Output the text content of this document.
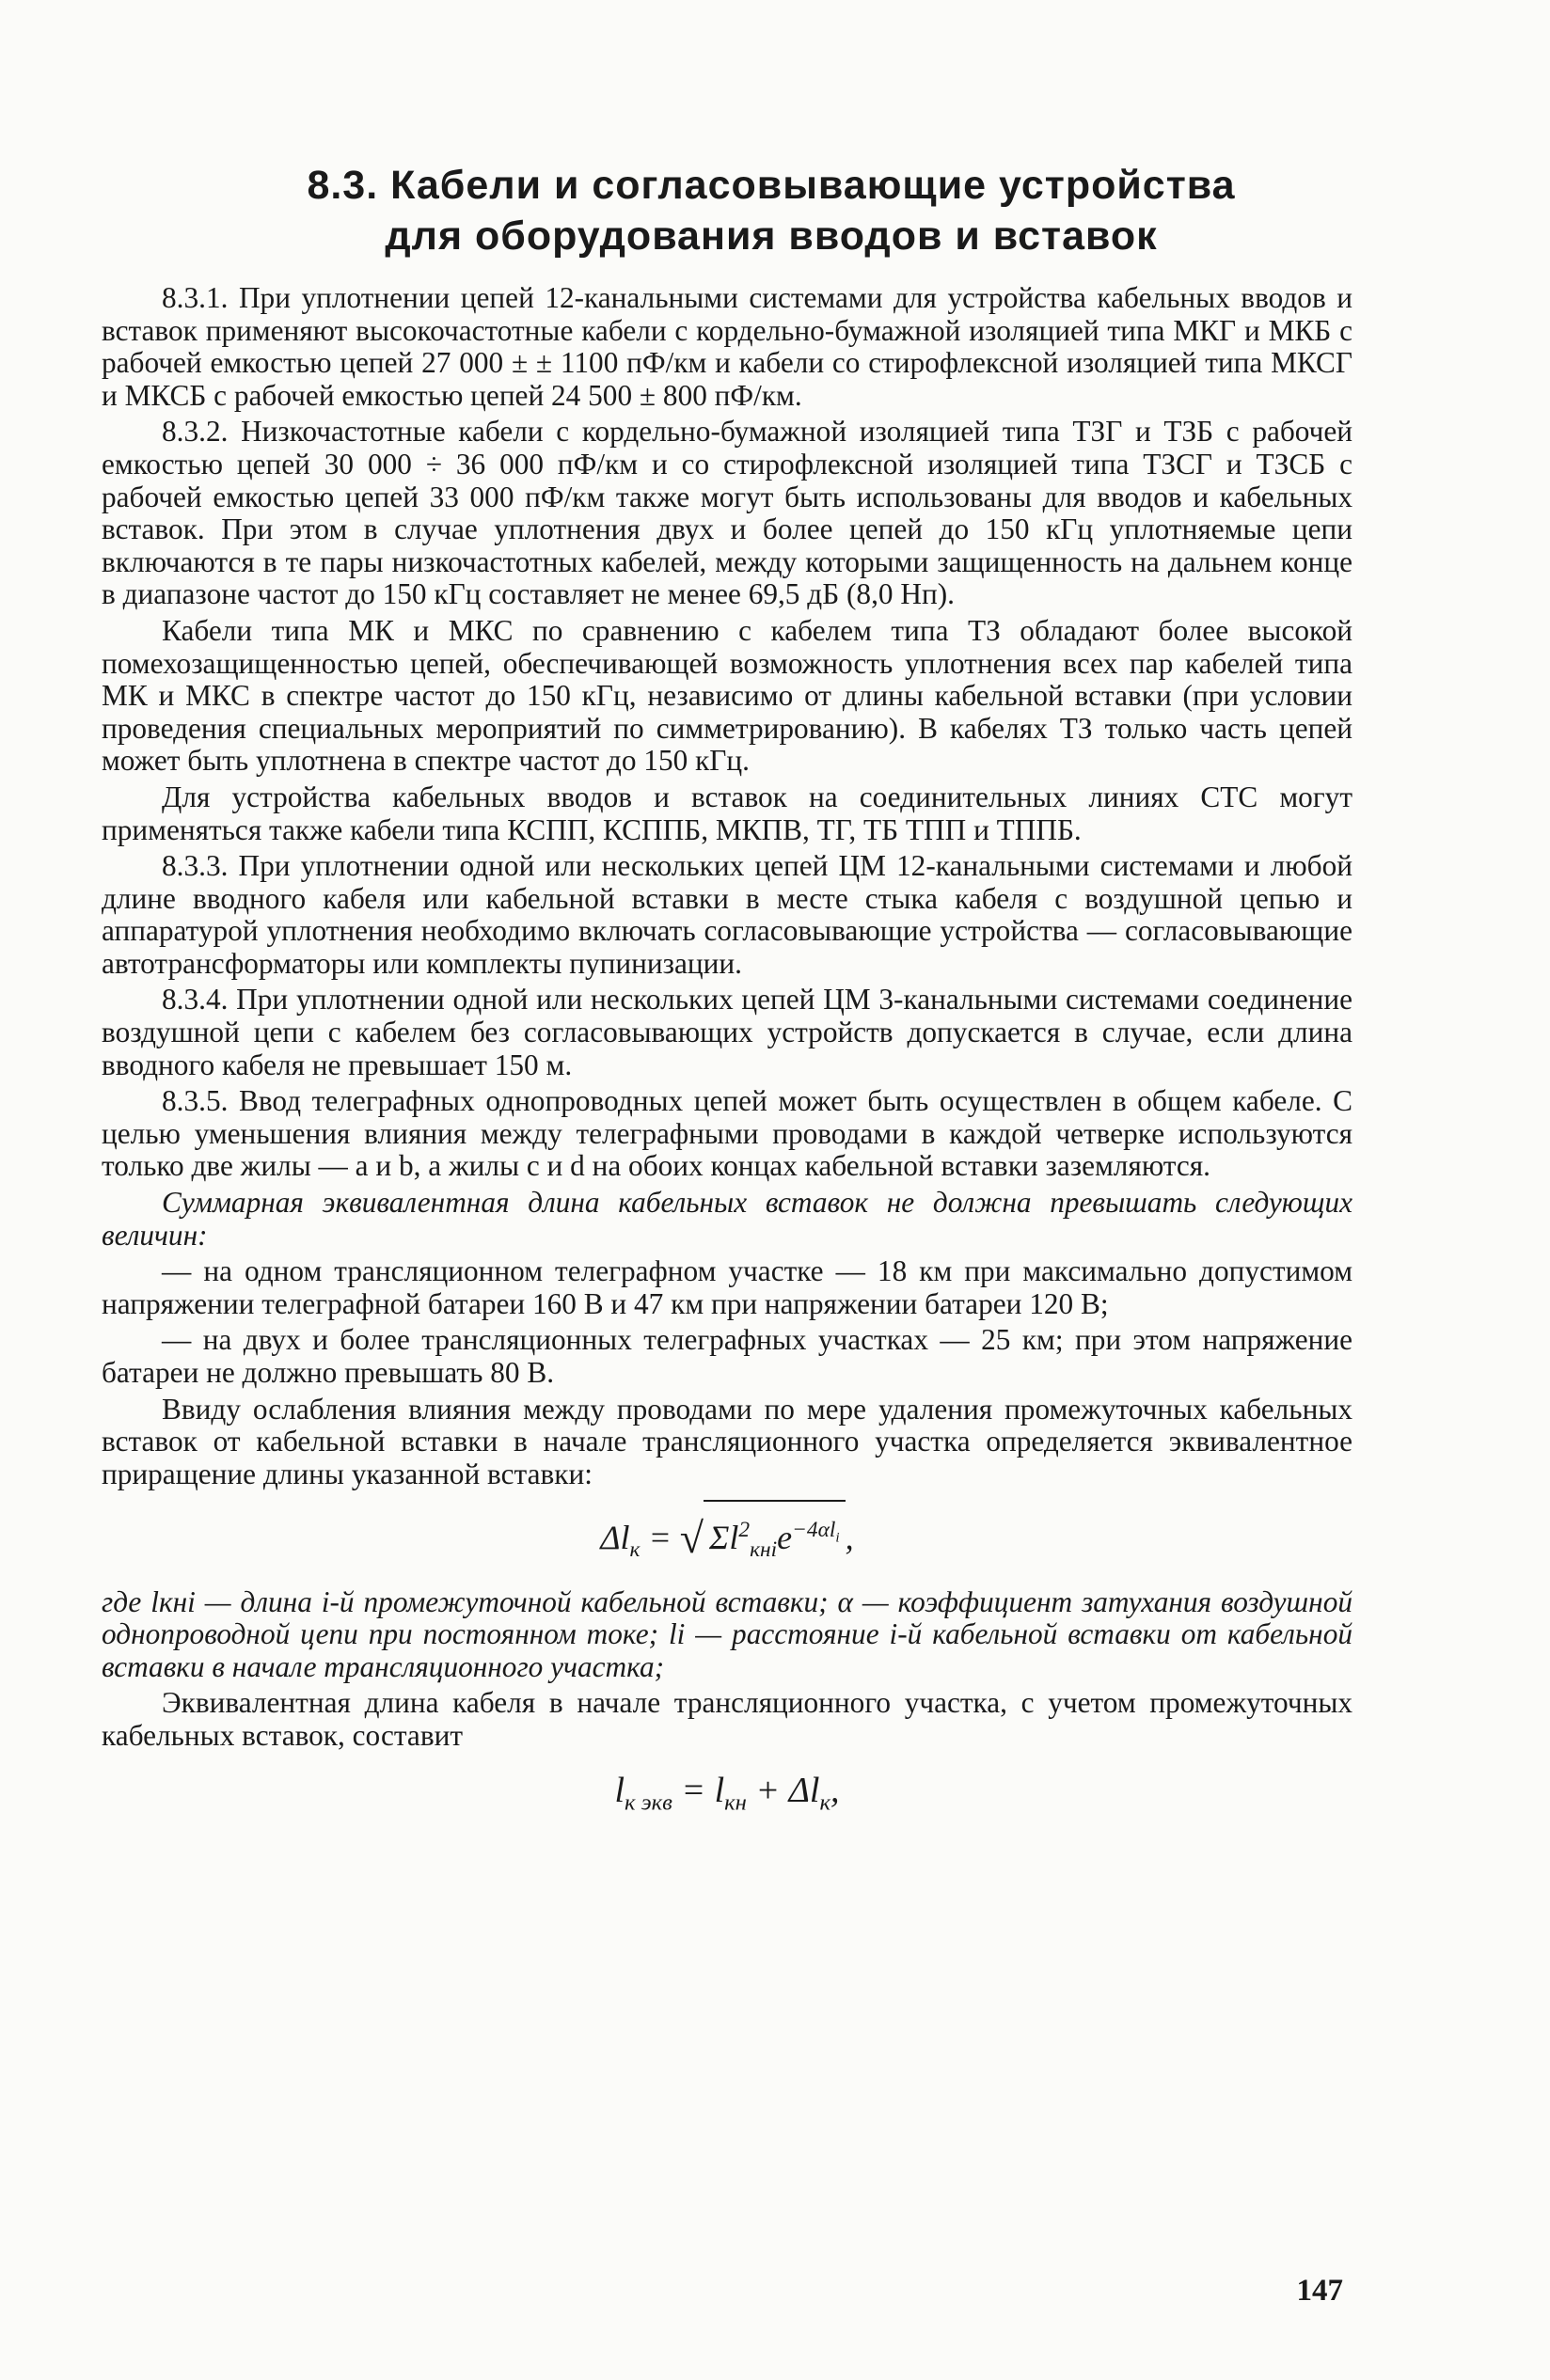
8.3. Кабели и согласовывающие устройства
для оборудования вводов и вставок

8.3.1. При уплотнении цепей 12-канальными системами для устройства кабельных вводов и вставок применяют высокочастотные кабели с кордельно-бумажной изоляцией типа МКГ и МКБ с рабочей емкостью цепей 27 000 ± ± 1100 пФ/км и кабели со стирофлексной изоляцией типа МКСГ и МКСБ с рабочей емкостью цепей 24 500 ± 800 пФ/км.

8.3.2. Низкочастотные кабели с кордельно-бумажной изоляцией типа ТЗГ и ТЗБ с рабочей емкостью цепей 30 000 ÷ 36 000 пФ/км и со стирофлексной изоляцией типа ТЗСГ и ТЗСБ с рабочей емкостью цепей 33 000 пФ/км также могут быть использованы для вводов и кабельных вставок. При этом в случае уплотнения двух и более цепей до 150 кГц уплотняемые цепи включаются в те пары низкочастотных кабелей, между которыми защищенность на дальнем конце в диапазоне частот до 150 кГц составляет не менее 69,5 дБ (8,0 Нп).

Кабели типа МК и МКС по сравнению с кабелем типа ТЗ обладают более высокой помехозащищенностью цепей, обеспечивающей возможность уплотнения всех пар кабелей типа МК и МКС в спектре частот до 150 кГц, независимо от длины кабельной вставки (при условии проведения специальных мероприятий по симметрированию). В кабелях ТЗ только часть цепей может быть уплотнена в спектре частот до 150 кГц.

Для устройства кабельных вводов и вставок на соединительных линиях СТС могут применяться также кабели типа КСПП, КСППБ, МКПВ, ТГ, ТБ ТПП и ТППБ.

8.3.3. При уплотнении одной или нескольких цепей ЦМ 12-канальными системами и любой длине вводного кабеля или кабельной вставки в месте стыка кабеля с воздушной цепью и аппаратурой уплотнения необходимо включать согласовывающие устройства — согласовывающие автотрансформаторы или комплекты пупинизации.

8.3.4. При уплотнении одной или нескольких цепей ЦМ 3-канальными системами соединение воздушной цепи с кабелем без согласовывающих устройств допускается в случае, если длина вводного кабеля не превышает 150 м.

8.3.5. Ввод телеграфных однопроводных цепей может быть осуществлен в общем кабеле. С целью уменьшения влияния между телеграфными проводами в каждой четверке используются только две жилы — a и b, а жилы c и d на обоих концах кабельной вставки заземляются.

Суммарная эквивалентная длина кабельных вставок не должна превышать следующих величин:

— на одном трансляционном телеграфном участке — 18 км при максимально допустимом напряжении телеграфной батареи 160 В и 47 км при напряжении батареи 120 В;

— на двух и более трансляционных телеграфных участках — 25 км; при этом напряжение батареи не должно превышать 80 В.

Ввиду ослабления влияния между проводами по мере удаления промежуточных кабельных вставок от кабельной вставки в начале трансляционного участка определяется эквивалентное приращение длины указанной вставки:

$\Delta l_к$ = √ $\Sigma l^2_{кнi}e^{-4\alpha l_i}$ ,

где lкнi — длина i-й промежуточной кабельной вставки; α — коэффициент затухания воздушной однопроводной цепи при постоянном токе; li — расстояние i-й кабельной вставки от кабельной вставки в начале трансляционного участка;

Эквивалентная длина кабеля в начале трансляционного участка, с учетом промежуточных кабельных вставок, составит

$l_{к экв} = l_{кн} + \Delta l_к$,
147
